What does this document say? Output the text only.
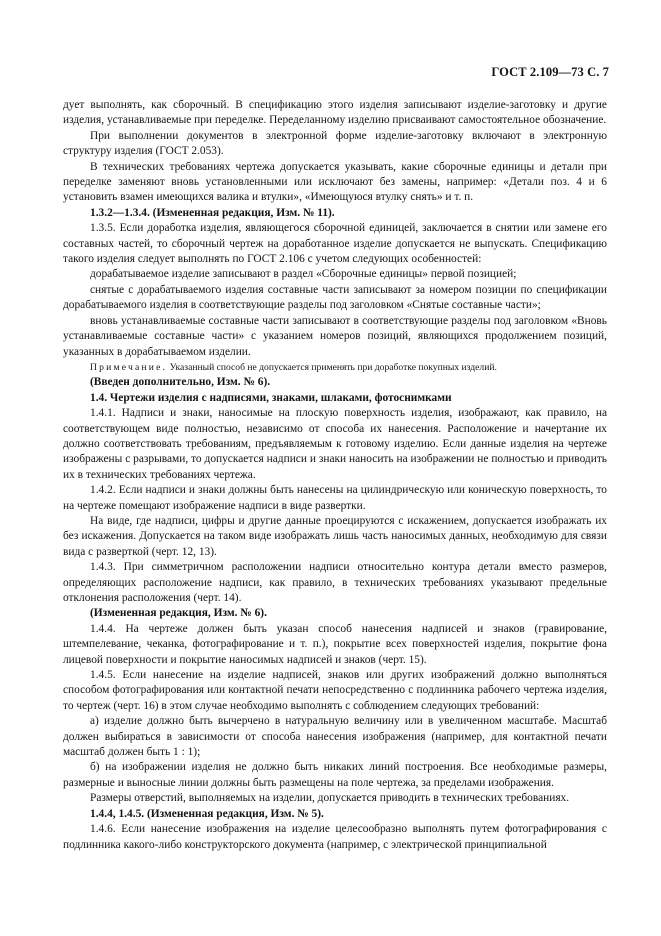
ГОСТ 2.109—73 С. 7

дует выполнять, как сборочный. В спецификацию этого изделия записывают изделие-заготовку и другие изделия, устанавливаемые при переделке. Переделанному изделию присваивают самостоятельное обозначение.

При выполнении документов в электронной форме изделие-заготовку включают в электронную структуру изделия (ГОСТ 2.053).

В технических требованиях чертежа допускается указывать, какие сборочные единицы и детали при переделке заменяют вновь установленными или исключают без замены, например: «Детали поз. 4 и 6 установить взамен имеющихся валика и втулки», «Имеющуюся втулку снять» и т. п.

1.3.2—1.3.4. (Измененная редакция, Изм. № 11).

1.3.5. Если доработка изделия, являющегося сборочной единицей, заключается в снятии или замене его составных частей, то сборочный чертеж на доработанное изделие допускается не выпускать. Спецификацию такого изделия следует выполнять по ГОСТ 2.106 с учетом следующих особенностей:

дорабатываемое изделие записывают в раздел «Сборочные единицы» первой позицией;

снятые с дорабатываемого изделия составные части записывают за номером позиции по спецификации дорабатываемого изделия в соответствующие разделы под заголовком «Снятые составные части»;

вновь устанавливаемые составные части записывают в соответствующие разделы под заголовком «Вновь устанавливаемые составные части» с указанием номеров позиций, являющихся продолжением позиций, указанных в дорабатываемом изделии.

Примечание. Указанный способ не допускается применять при доработке покупных изделий.

(Введен дополнительно, Изм. № 6).

1.4. Чертежи изделия с надписями, знаками, шлаками, фотоснимками

1.4.1. Надписи и знаки, наносимые на плоскую поверхность изделия, изображают, как правило, на соответствующем виде полностью, независимо от способа их нанесения. Расположение и начертание их должно соответствовать требованиям, предъявляемым к готовому изделию. Если данные изделия на чертеже изображены с разрывами, то допускается надписи и знаки наносить на изображении не полностью и приводить их в технических требованиях чертежа.

1.4.2. Если надписи и знаки должны быть нанесены на цилиндрическую или коническую поверхность, то на чертеже помещают изображение надписи в виде развертки.

На виде, где надписи, цифры и другие данные проецируются с искажением, допускается изображать их без искажения. Допускается на таком виде изображать лишь часть наносимых данных, необходимую для связи вида с разверткой (черт. 12, 13).

1.4.3. При симметричном расположении надписи относительно контура детали вместо размеров, определяющих расположение надписи, как правило, в технических требованиях указывают предельные отклонения расположения (черт. 14).

(Измененная редакция, Изм. № 6).

1.4.4. На чертеже должен быть указан способ нанесения надписей и знаков (гравирование, штемпелевание, чеканка, фотографирование и т. п.), покрытие всех поверхностей изделия, покрытие фона лицевой поверхности и покрытие наносимых надписей и знаков (черт. 15).

1.4.5. Если нанесение на изделие надписей, знаков или других изображений должно выполняться способом фотографирования или контактной печати непосредственно с подлинника рабочего чертежа изделия, то чертеж (черт. 16) в этом случае необходимо выполнять с соблюдением следующих требований:

а) изделие должно быть вычерчено в натуральную величину или в увеличенном масштабе. Масштаб должен выбираться в зависимости от способа нанесения изображения (например, для контактной печати масштаб должен быть 1 : 1);

б) на изображении изделия не должно быть никаких линий построения. Все необходимые размеры, размерные и выносные линии должны быть размещены на поле чертежа, за пределами изображения.

Размеры отверстий, выполняемых на изделии, допускается приводить в технических требованиях.

1.4.4, 1.4.5. (Измененная редакция, Изм. № 5).

1.4.6. Если нанесение изображения на изделие целесообразно выполнять путем фотографирования с подлинника какого-либо конструкторского документа (например, с электрической принципиальной
